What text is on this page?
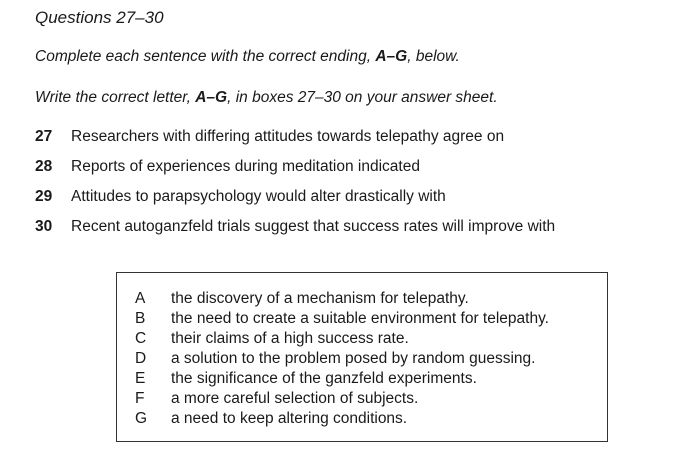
Questions 27–30
Complete each sentence with the correct ending, A–G, below.
Write the correct letter, A–G, in boxes 27–30 on your answer sheet.
27	Researchers with differing attitudes towards telepathy agree on
28	Reports of experiences during meditation indicated
29	Attitudes to parapsychology would alter drastically with
30	Recent autoganzfeld trials suggest that success rates will improve with
A	the discovery of a mechanism for telepathy.
B	the need to create a suitable environment for telepathy.
C	their claims of a high success rate.
D	a solution to the problem posed by random guessing.
E	the significance of the ganzfeld experiments.
F	a more careful selection of subjects.
G	a need to keep altering conditions.
